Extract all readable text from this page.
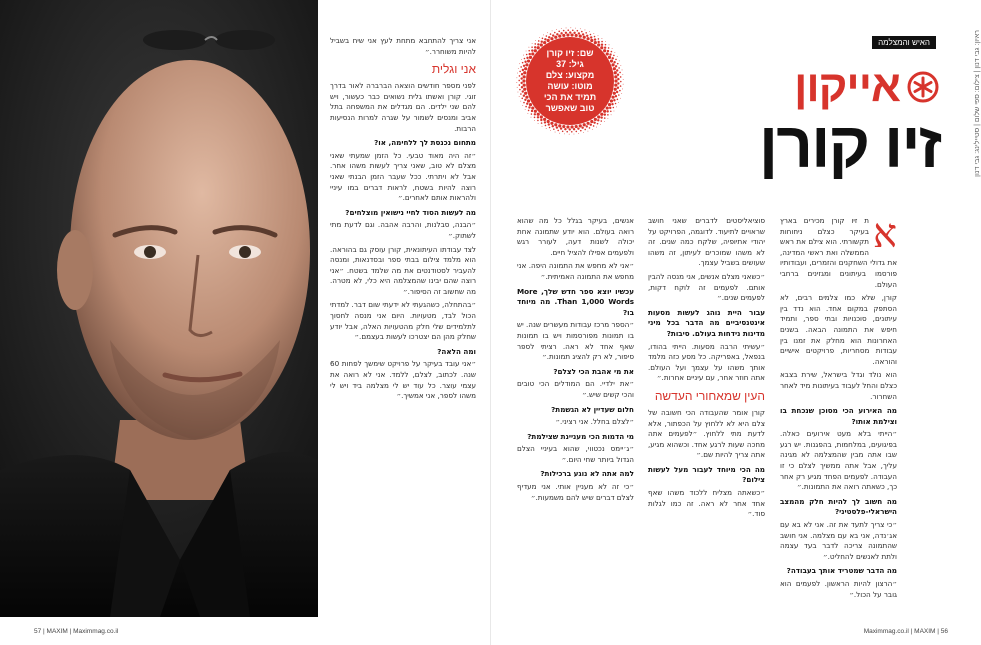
אני צריך להתחבא מתחת לעץ אני שיח בשביל להיות משוחרר.״

אני וגלית

לפני מספר חודשים הוצאה הברברה לאור בדרך זוגי. קורן ואשתו גלית נשואים כבר כעשור, ויש להם שני ילדים. הם מגדלים את המשפחה בתל אביב ומנסים לשמור על שגרה למרות הנסיעות הרבות.

מתחום נכנסת לך ללחימה, או?

״זה היה מאוד טבעי. כל הזמן שמעתי שאני מצלם לא טוב, שאני צריך לעשות משהו אחר. אבל לא ויתרתי. ככל שעבר הזמן הבנתי שאני רוצה להיות בשטח, לראות דברים במו עיניי ולהראות אותם לאחרים.״

מה לעשות הסוד לחיי נישואין מוצלחים?

״הבנה, סבלנות, והרבה אהבה. וגם לדעת מתי לשתוק.״

לצד עבודתו העיתונאית, קורן עוסק גם בהוראה. הוא מלמד צילום בבתי ספר ובסדנאות, ומנסה להעביר לסטודנטים את מה שלמד בשטח. ״אני רוצה שהם יבינו שהמצלמה היא כלי, לא מטרה. מה שחשוב זה הסיפור.״

״בהתחלה, כשהגעתי לא ידעתי שום דבר. למדתי הכול לבד, מטעויות. היום אני מנסה לחסוך לתלמידים שלי חלק מהטעויות האלה, אבל יודע שחלק מהן הם יצטרכו לעשות בעצמם.״

ומה הלאה?

״אני עובד בעיקר על פרויקט שימשך לפחות 60 שנה. לכתוב, לצלם, ללמד. אני לא רואה את עצמי עוצר. כל עוד יש לי מצלמה ביד ויש לי משהו לספר, אני אמשיך.״

האיש והמצלמה	ראיון: גבי דנון | צילום: ספי שלום | סטיילינג: גבי דנון
אייקון
זיו קורן
שם: זיו קורן
גיל: 37
מקצוע: צלם
מוטו: עושה
תמיד את הכי
טוב שאפשר
א

ת זיו קורן מכירים בארץ בעיקר כצלם ניחוחות תקשורתי. הוא צילם את ראש הממשלה ואת ראשי המדינה, את גדולי השחקנים והזמרים, ועבודותיו פורסמו בעיתונים ומגזינים ברחבי העולם.

קורן, שלא כמו צלמים רבים, לא הסתפק במקום אחד. הוא נדד בין עיתונים, סוכנויות ובתי ספר, ותמיד חיפש את התמונה הבאה. בשנים האחרונות הוא מחלק את זמנו בין עבודות מסחריות, פרויקטים אישיים והוראה.

הוא נולד וגדל בישראל, שירת בצבא כצלם והחל לעבוד בעיתונות מיד לאחר השחרור.

מה האירוע הכי מסוכן שנכחת בו וצילמת אותו?

״הייתי בלא מעט אירועים כאלה. בפיגועים, במלחמות, בהפגנות. יש רגע שבו אתה מבין שהמצלמה לא מגינה עליך, אבל אתה ממשיך לצלם כי זו העבודה. לפעמים הפחד מגיע רק אחר כך, כשאתה רואה את התמונות.״

מה חשוב לך להיות חלק מהמצב הישראלי-פלסטיני?

״כי צריך לתעד את זה. אני לא בא עם אג׳נדה, אני בא עם מצלמה. אני חושב שהתמונה צריכה לדבר בעד עצמה ולתת לאנשים להחליט.״

מה הדבר שמטריד אותך בעבודה?

״הרצון להיות הראשון. לפעמים הוא גובר על הכול.״

סוציאליסטים לדברים שאני חושב שראויים לתיעוד. לדוגמה, הפרויקט על יהודי אתיופיה, שלקח כמה שנים. זה לא משהו שמוכרים לעיתון, זה משהו שעושים בשביל עצמך.

״כשאני מצלם אנשים, אני מנסה להבין אותם. לפעמים זה לוקח דקות, לפעמים שנים.״

עבור היית נוהג לעשות מסעות אינטנסיביים מה הדבר בכל מיני מדינות נידחות בעולם. סיבות?

״עשיתי הרבה מסעות. הייתי בהודו, בנפאל, באפריקה. כל מסע כזה מלמד אותך משהו על עצמך ועל העולם. אתה חוזר אחר, עם עיניים אחרות.״

העין שמאחורי העדשה

קורן אומר שהעבודה הכי חשובה של צלם היא לא ללחוץ על הכפתור, אלא לדעת מתי ללחוץ. ״לפעמים אתה מחכה שעות לרגע אחד. וכשהוא מגיע, אתה צריך להיות שם.״

מה הכי מיוחד לעבור מעל לעשות צילום?

״כשאתה מצליח ללכוד משהו שאף אחד אחר לא ראה. זה כמו לגלות סוד.״

אנשים, בעיקר בגלל כל מה שהוא רואה בעולם. הוא יודע שתמונה אחת יכולה לשנות דעה, לעורר רגש ולפעמים אפילו להציל חיים.

״אני לא מחפש את התמונה היפה. אני מחפש את התמונה האמיתית.״

עכשיו יוצא ספר חדש שלך, More Than 1,000 Words. מה מיוחד בו?

״הספר מרכז עבודות מעשרים שנה. יש בו תמונות מפורסמות ויש בו תמונות שאף אחד לא ראה. רציתי לספר סיפור, לא רק להציג תמונות.״

את מי אהבת הכי לצלם?

״את ילדיי. הם המודלים הכי טובים והכי קשים שיש.״

חלום שעדיין לא הגשמת?

״לצלם בחלל. אני רציני.״

מי הדמות הכי מעניינת שצילמת?

״ג׳יימס נכטווי, שהוא בעיניי הצלם הגדול ביותר שחי היום.״

למה אתה לא נוגע ברכילות?

״כי זה לא מעניין אותי. אני מעדיף לצלם דברים שיש להם משמעות.״

57 | MAXIM | Maximmag.co.il	Maximmag.co.il | MAXIM | 56
